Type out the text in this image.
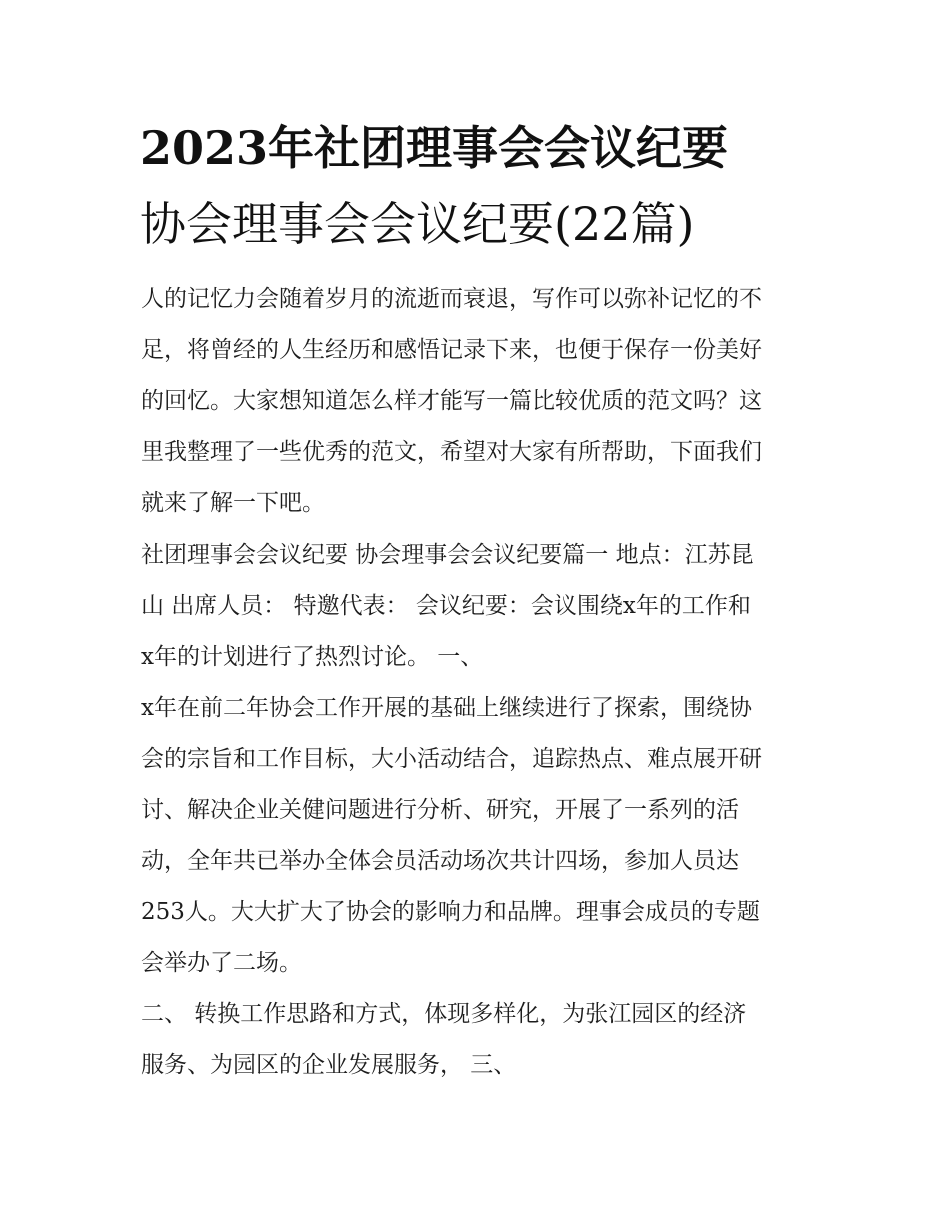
2023年社团理事会会议纪要
协会理事会会议纪要(22篇)
人的记忆力会随着岁月的流逝而衰退，写作可以弥补记忆的不
足，将曾经的人生经历和感悟记录下来，也便于保存一份美好
的回忆。大家想知道怎么样才能写一篇比较优质的范文吗？这
里我整理了一些优秀的范文，希望对大家有所帮助，下面我们
就来了解一下吧。
社团理事会会议纪要 协会理事会会议纪要篇一 地点：江苏昆
山 出席人员： 特邀代表： 会议纪要：会议围绕x年的工作和
x年的计划进行了热烈讨论。 一、
x年在前二年协会工作开展的基础上继续进行了探索，围绕协
会的宗旨和工作目标，大小活动结合，追踪热点、难点展开研
讨、解决企业关健问题进行分析、研究，开展了一系列的活
动，全年共已举办全体会员活动场次共计四场，参加人员达
253人。大大扩大了协会的影响力和品牌。理事会成员的专题
会举办了二场。
二、 转换工作思路和方式，体现多样化，为张江园区的经济
服务、为园区的企业发展服务， 三、
